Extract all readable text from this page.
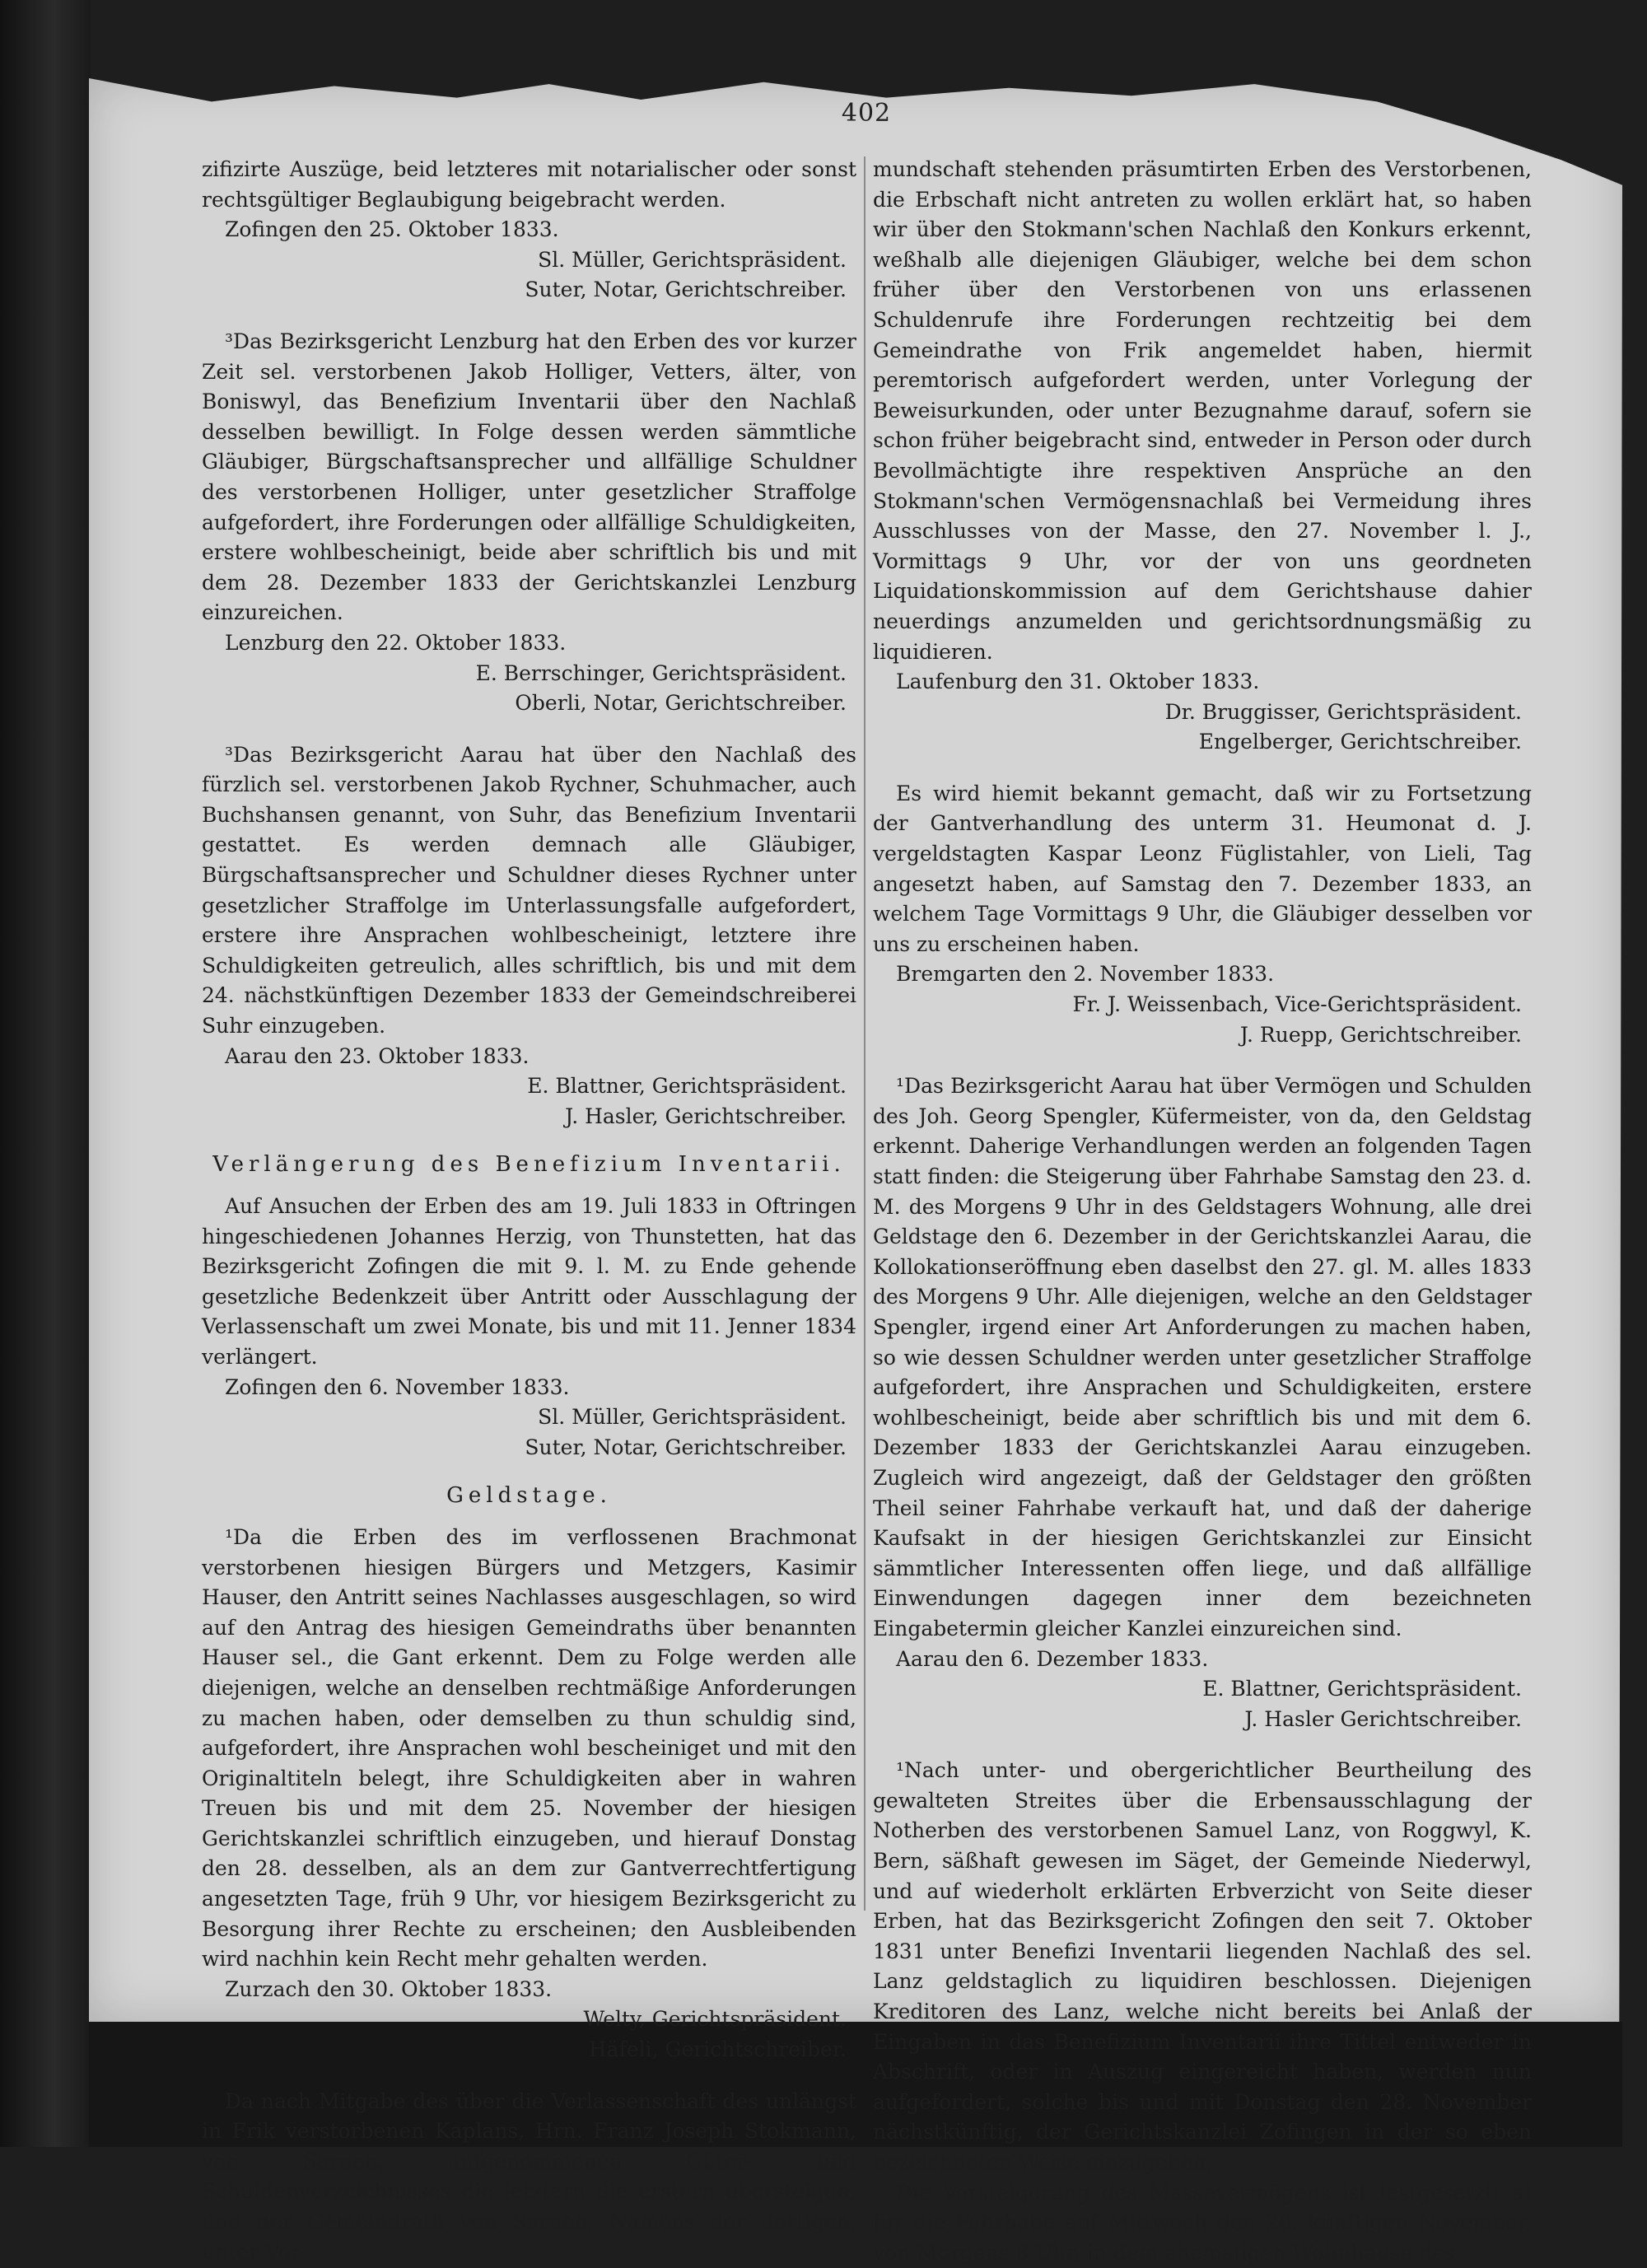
402

zifizirte Auszüge, beid letzteres mit notarialischer oder sonst rechtsgültiger Beglaubigung beigebracht werden.

Zofingen den 25. Oktober 1833.

Sl. Müller, Gerichtspräsident.

Suter, Notar, Gerichtschreiber.

³Das Bezirksgericht Lenzburg hat den Erben des vor kurzer Zeit sel. verstorbenen Jakob Holliger, Vetters, älter, von Boniswyl, das Benefizium Inventarii über den Nachlaß desselben bewilligt. In Folge dessen werden sämmtliche Gläubiger, Bürgschaftsansprecher und allfällige Schuldner des verstorbenen Holliger, unter gesetzlicher Straffolge aufgefordert, ihre Forderungen oder allfällige Schuldigkeiten, erstere wohlbescheinigt, beide aber schriftlich bis und mit dem 28. Dezember 1833 der Gerichtskanzlei Lenzburg einzureichen.

Lenzburg den 22. Oktober 1833.

E. Berrschinger, Gerichtspräsident.

Oberli, Notar, Gerichtschreiber.

³Das Bezirksgericht Aarau hat über den Nachlaß des fürzlich sel. verstorbenen Jakob Rychner, Schuhmacher, auch Buchshansen genannt, von Suhr, das Benefizium Inventarii gestattet. Es werden demnach alle Gläubiger, Bürgschaftsansprecher und Schuldner dieses Rychner unter gesetzlicher Straffolge im Unterlassungsfalle aufgefordert, erstere ihre Ansprachen wohlbescheinigt, letztere ihre Schuldigkeiten getreulich, alles schriftlich, bis und mit dem 24. nächstkünftigen Dezember 1833 der Gemeindschreiberei Suhr einzugeben.

Aarau den 23. Oktober 1833.

E. Blattner, Gerichtspräsident.

J. Hasler, Gerichtschreiber.

Verlängerung des Benefizium Inventarii.

Auf Ansuchen der Erben des am 19. Juli 1833 in Oftringen hingeschiedenen Johannes Herzig, von Thunstetten, hat das Bezirksgericht Zofingen die mit 9. l. M. zu Ende gehende gesetzliche Bedenkzeit über Antritt oder Ausschlagung der Verlassenschaft um zwei Monate, bis und mit 11. Jenner 1834 verlängert.

Zofingen den 6. November 1833.

Sl. Müller, Gerichtspräsident.

Suter, Notar, Gerichtschreiber.

Geldstage.

¹Da die Erben des im verflossenen Brachmonat verstorbenen hiesigen Bürgers und Metzgers, Kasimir Hauser, den Antritt seines Nachlasses ausgeschlagen, so wird auf den Antrag des hiesigen Gemeindraths über benannten Hauser sel., die Gant erkennt. Dem zu Folge werden alle diejenigen, welche an denselben rechtmäßige Anforderungen zu machen haben, oder demselben zu thun schuldig sind, aufgefordert, ihre Ansprachen wohl bescheiniget und mit den Originaltiteln belegt, ihre Schuldigkeiten aber in wahren Treuen bis und mit dem 25. November der hiesigen Gerichtskanzlei schriftlich einzugeben, und hierauf Donstag den 28. desselben, als an dem zur Gantverrechtfertigung angesetzten Tage, früh 9 Uhr, vor hiesigem Bezirksgericht zu Besorgung ihrer Rechte zu erscheinen; den Ausbleibenden wird nachhin kein Recht mehr gehalten werden.

Zurzach den 30. Oktober 1833.

Welty, Gerichtspräsident.

Häfeli, Gerichtschreiber.

Da nach Mitgabe des über die Verlassenschaft des unlängst in Frik verstorbenen Kaplans, Hrn. Franz Joseph Stokmann, von Sarnen, aufgenommenen Güter- und Schuldenverzeichnisses die letztern die erstern übersteigen, und der Gemeindrath von Sarnen, Namens der dortigen, unter Vor-

mundschaft stehenden präsumtirten Erben des Verstorbenen, die Erbschaft nicht antreten zu wollen erklärt hat, so haben wir über den Stokmann'schen Nachlaß den Konkurs erkennt, weßhalb alle diejenigen Gläubiger, welche bei dem schon früher über den Verstorbenen von uns erlassenen Schuldenrufe ihre Forderungen rechtzeitig bei dem Gemeindrathe von Frik angemeldet haben, hiermit peremtorisch aufgefordert werden, unter Vorlegung der Beweisurkunden, oder unter Bezugnahme darauf, sofern sie schon früher beigebracht sind, entweder in Person oder durch Bevollmächtigte ihre respektiven Ansprüche an den Stokmann'schen Vermögensnachlaß bei Vermeidung ihres Ausschlusses von der Masse, den 27. November l. J., Vormittags 9 Uhr, vor der von uns geordneten Liquidationskommission auf dem Gerichtshause dahier neuerdings anzumelden und gerichtsordnungsmäßig zu liquidieren.

Laufenburg den 31. Oktober 1833.

Dr. Bruggisser, Gerichtspräsident.

Engelberger, Gerichtschreiber.

Es wird hiemit bekannt gemacht, daß wir zu Fortsetzung der Gantverhandlung des unterm 31. Heumonat d. J. vergeldstagten Kaspar Leonz Füglistahler, von Lieli, Tag angesetzt haben, auf Samstag den 7. Dezember 1833, an welchem Tage Vormittags 9 Uhr, die Gläubiger desselben vor uns zu erscheinen haben.

Bremgarten den 2. November 1833.

Fr. J. Weissenbach, Vice-Gerichtspräsident.

J. Ruepp, Gerichtschreiber.

¹Das Bezirksgericht Aarau hat über Vermögen und Schulden des Joh. Georg Spengler, Küfermeister, von da, den Geldstag erkennt. Daherige Verhandlungen werden an folgenden Tagen statt finden: die Steigerung über Fahrhabe Samstag den 23. d. M. des Morgens 9 Uhr in des Geldstagers Wohnung, alle drei Geldstage den 6. Dezember in der Gerichtskanzlei Aarau, die Kollokationseröffnung eben daselbst den 27. gl. M. alles 1833 des Morgens 9 Uhr. Alle diejenigen, welche an den Geldstager Spengler, irgend einer Art Anforderungen zu machen haben, so wie dessen Schuldner werden unter gesetzlicher Straffolge aufgefordert, ihre Ansprachen und Schuldigkeiten, erstere wohlbescheinigt, beide aber schriftlich bis und mit dem 6. Dezember 1833 der Gerichtskanzlei Aarau einzugeben. Zugleich wird angezeigt, daß der Geldstager den größten Theil seiner Fahrhabe verkauft hat, und daß der daherige Kaufsakt in der hiesigen Gerichtskanzlei zur Einsicht sämmtlicher Interessenten offen liege, und daß allfällige Einwendungen dagegen inner dem bezeichneten Eingabetermin gleicher Kanzlei einzureichen sind.

Aarau den 6. Dezember 1833.

E. Blattner, Gerichtspräsident.

J. Hasler Gerichtschreiber.

¹Nach unter- und obergerichtlicher Beurtheilung des gewalteten Streites über die Erbensausschlagung der Notherben des verstorbenen Samuel Lanz, von Roggwyl, K. Bern, säßhaft gewesen im Säget, der Gemeinde Niederwyl, und auf wiederholt erklärten Erbverzicht von Seite dieser Erben, hat das Bezirksgericht Zofingen den seit 7. Oktober 1831 unter Benefizi Inventarii liegenden Nachlaß des sel. Lanz geldstaglich zu liquidiren beschlossen. Diejenigen Kreditoren des Lanz, welche nicht bereits bei Anlaß der Eingaben in das Benefizium Inventarii ihre Tittel entweder in Abschrift, oder in Auszug eingereicht haben, werden nun aufgefordert, solche bis und mit Donstag den 28. November nächstkünftig, der Gerichtskanzlei Zofingen in der so eben bezeichneten Weise einzugeben.

Die Versteigerung des Massevermögens ist festgesetzt: a) für die Fahrhabe auf Mittwoch den 20. künftigen November, von Morgens 8 Uhr, in dem ehemaligen Wohnhause des
